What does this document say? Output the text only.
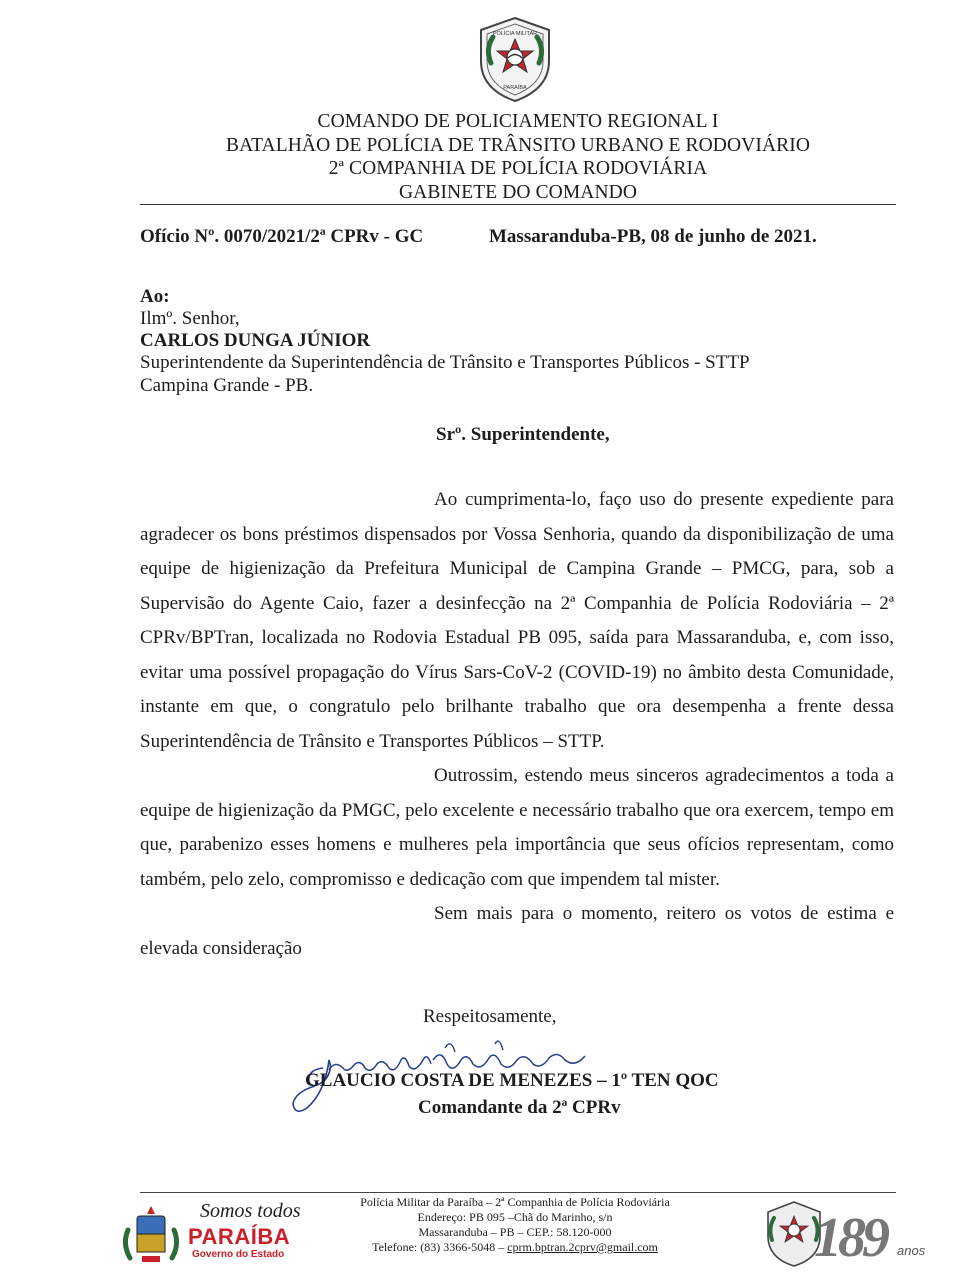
POLÍCIA MILITAR
PARAÍBA
COMANDO DE POLICIAMENTO REGIONAL I
BATALHÃO DE POLÍCIA DE TRÂNSITO URBANO E RODOVIÁRIO
2ª COMPANHIA DE POLÍCIA RODOVIÁRIA
GABINETE DO COMANDO
Ofício Nº. 0070/2021/2ª CPRv - GC	Massaranduba-PB, 08 de junho de 2021.
Ao:
Ilmº. Senhor,
CARLOS DUNGA JÚNIOR
Superintendente da Superintendência de Trânsito e Transportes Públicos - STTP
Campina Grande - PB.
Srº. Superintendente,

Ao cumprimenta-lo, faço uso do presente expediente para agradecer os bons préstimos dispensados por Vossa Senhoria, quando da disponibilização de uma equipe de higienização da Prefeitura Municipal de Campina Grande – PMCG, para, sob a Supervisão do Agente Caio, fazer a desinfecção na 2ª Companhia de Polícia Rodoviária – 2ª CPRv/BPTran, localizada no Rodovia Estadual PB 095, saída para Massaranduba, e, com isso, evitar uma possível propagação do Vírus Sars-CoV-2 (COVID-19) no âmbito desta Comunidade, instante em que, o congratulo pelo brilhante trabalho que ora desempenha a frente dessa Superintendência de Trânsito e Transportes Públicos – STTP.

Outrossim, estendo meus sinceros agradecimentos a toda a equipe de higienização da PMGC, pelo excelente e necessário trabalho que ora exercem, tempo em que, parabenizo esses homens e mulheres pela importância que seus ofícios representam, como também, pelo zelo, compromisso e dedicação com que impendem tal mister.

Sem mais para o momento, reitero os votos de estima e elevada consideração

Respeitosamente,
GLAUCIO COSTA DE MENEZES – 1º TEN QOC
Comandante da 2ª CPRv
Somos todos
PARAÍBA
Governo do Estado
Polícia Militar da Paraíba – 2ª Companhia de Polícia Rodoviária
Endereço: PB 095 –Chã do Marinho, s/n
Massaranduba – PB – CEP.: 58.120-000
Telefone: (83) 3366-5048 – cprm.bptran.2cprv@gmail.com	189 anos
